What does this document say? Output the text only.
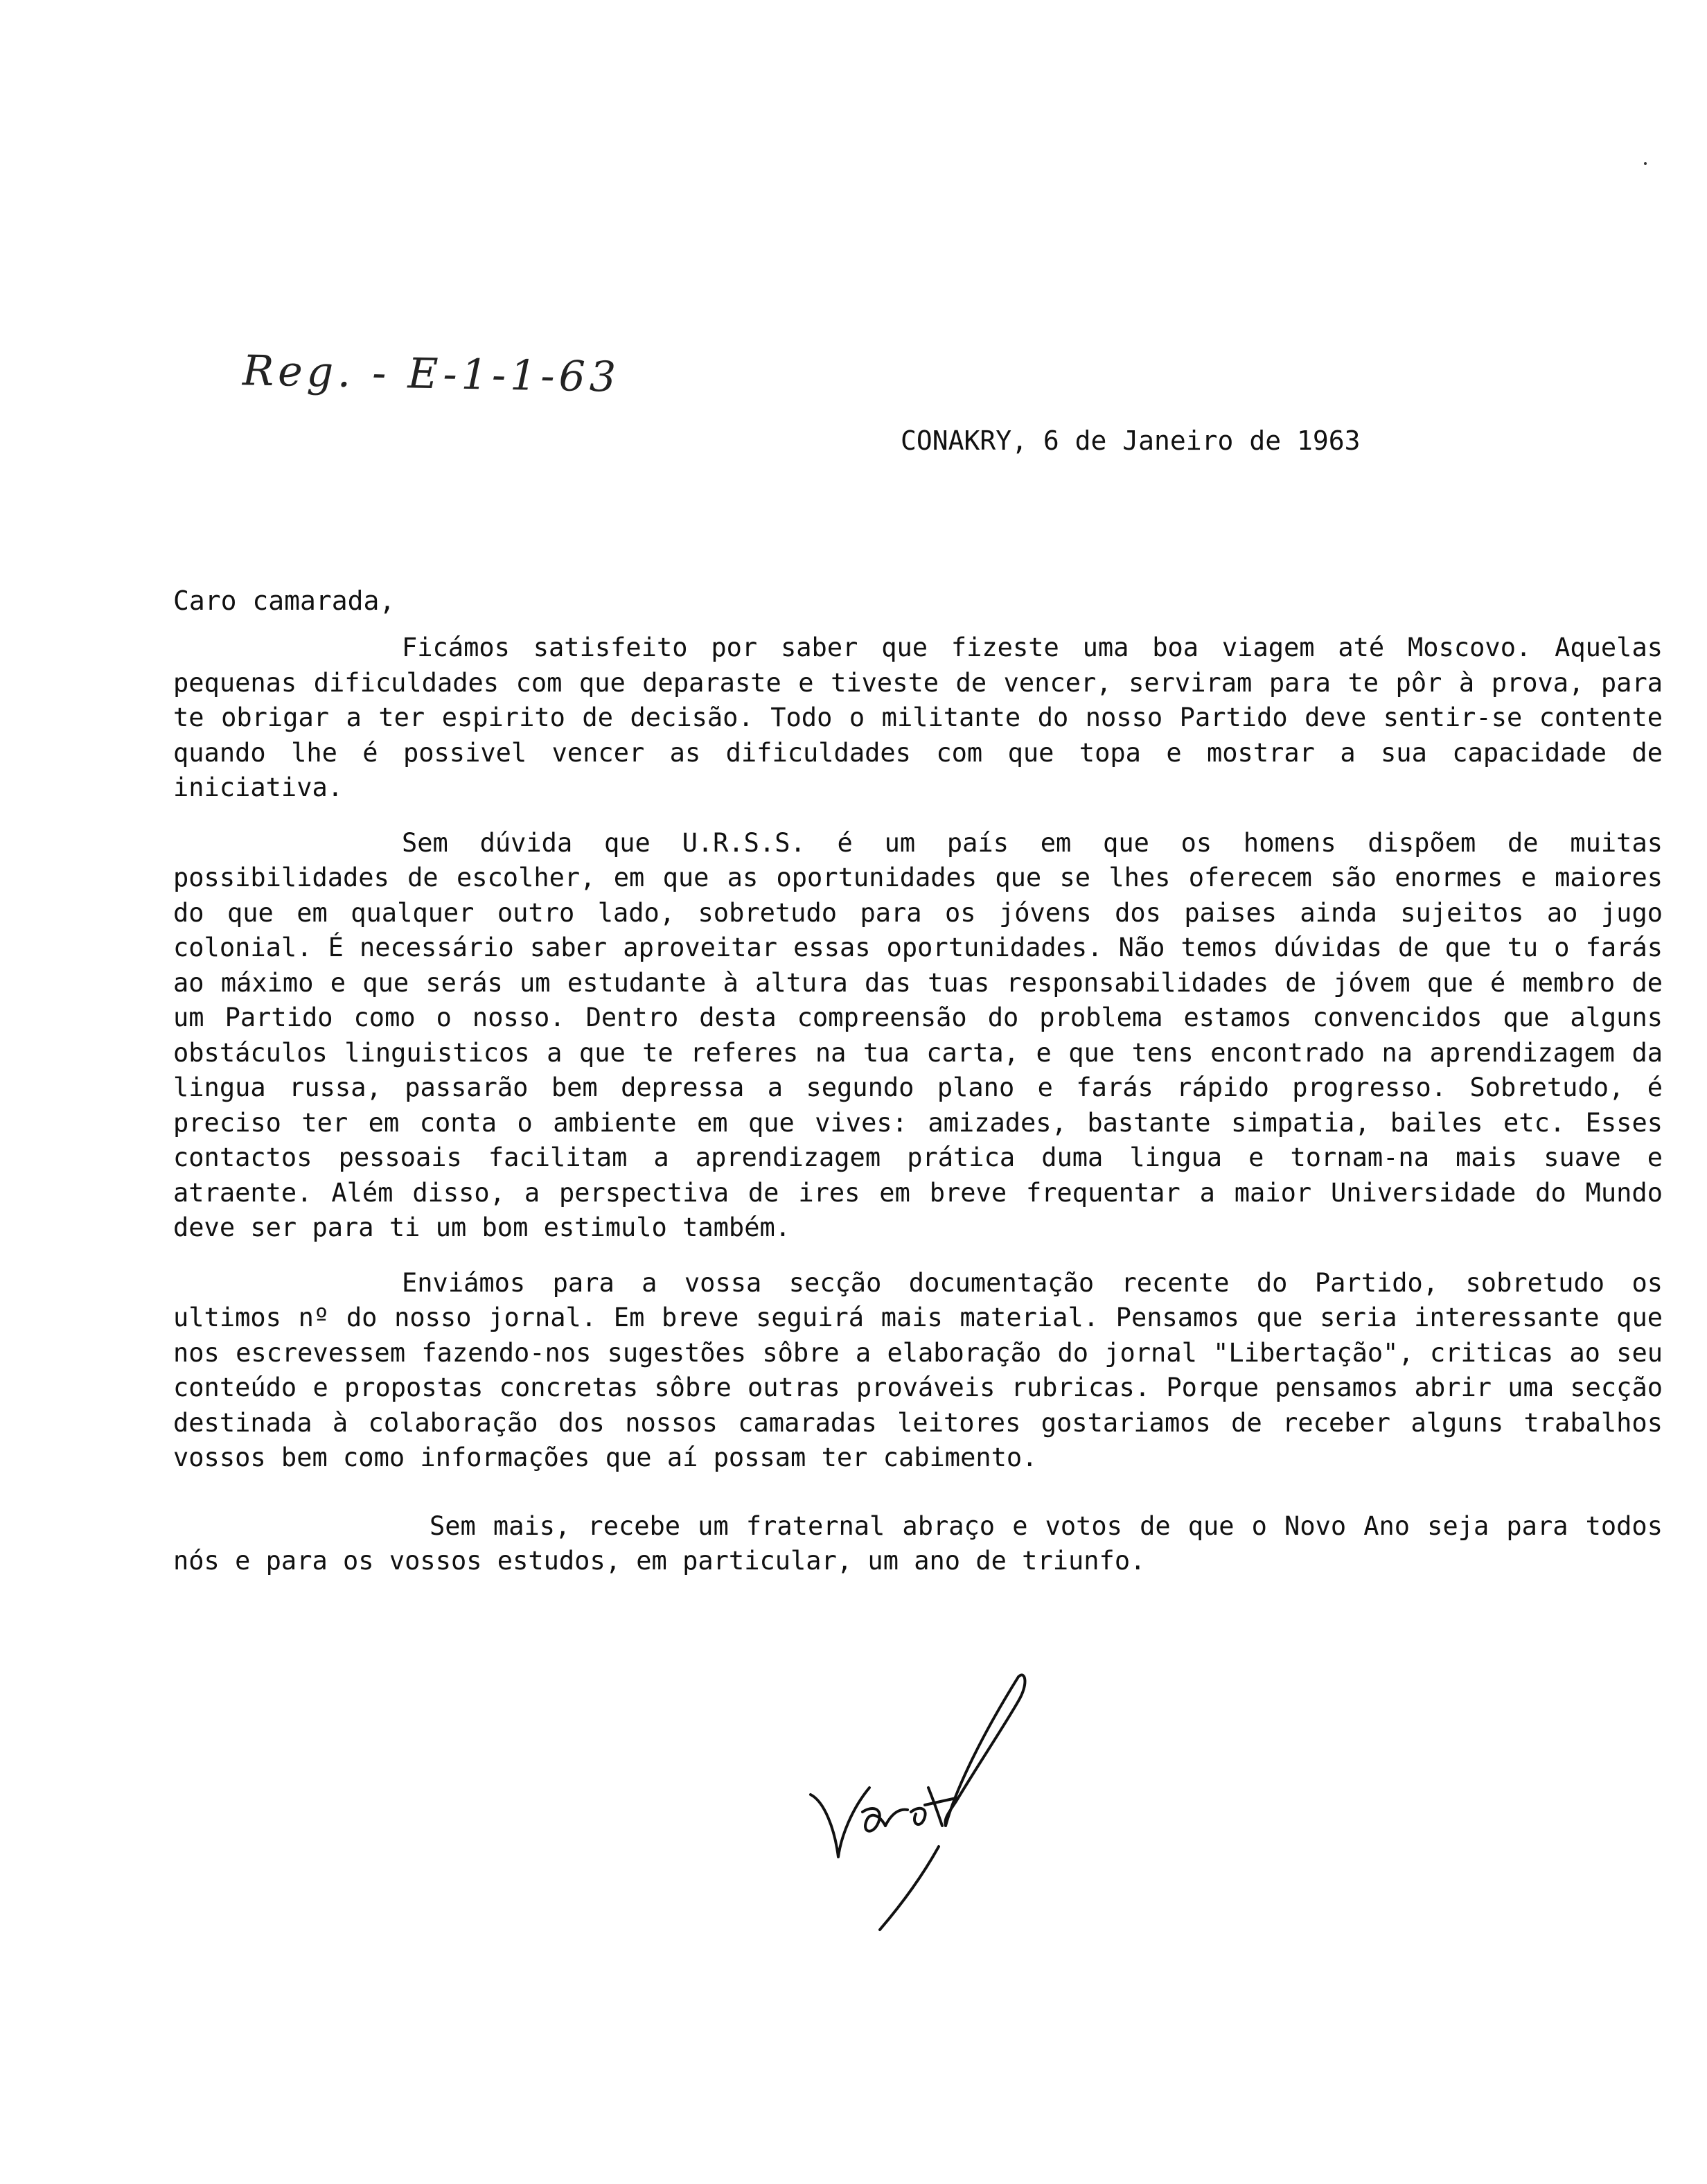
Reg. - E-1-1-63
CONAKRY, 6 de Janeiro de 1963
Caro camarada,

Ficámos satisfeito por saber que fizeste uma boa viagem até Moscovo. Aquelas pequenas dificuldades com que deparaste e tiveste de vencer, serviram para te pôr à prova, para te obrigar a ter espirito de decisão. Todo o militante do nosso Partido deve sentir-se contente quando lhe é possivel vencer as dificuldades com que topa e mostrar a sua capacidade de iniciativa.

Sem dúvida que U.R.S.S. é um país em que os homens dispõem de muitas possibilidades de escolher, em que as oportunidades que se lhes oferecem são enormes e maiores do que em qualquer outro lado, sobretudo para os jóvens dos paises ainda sujeitos ao jugo colonial. É necessário saber aproveitar essas oportunidades. Não temos dúvidas de que tu o farás ao máximo e que serás um estudante à altura das tuas responsabilidades de jóvem que é membro de um Partido como o nosso. Dentro desta compreensão do problema estamos convencidos que alguns obstáculos linguisticos a que te referes na tua carta, e que tens encontrado na aprendizagem da lingua russa, passarão bem depressa a segundo plano e farás rápido progresso. Sobretudo, é preciso ter em conta o ambiente em que vives: amizades, bastante simpatia, bailes etc. Esses contactos pessoais facilitam a aprendizagem prática duma lingua e tornam-na mais suave e atraente. Além disso, a perspectiva de ires em breve frequentar a maior Universidade do Mundo deve ser para ti um bom estimulo também.

Enviámos para a vossa secção documentação recente do Partido, sobretudo os ultimos nº do nosso jornal. Em breve seguirá mais material. Pensamos que seria interessante que nos escrevessem fazendo-nos sugestões sôbre a elaboração do jornal "Libertação", criticas ao seu conteúdo e propostas concretas sôbre outras prováveis rubricas. Porque pensamos abrir uma secção destinada à colaboração dos nossos camaradas leitores gostariamos de receber alguns trabalhos vossos bem como informações que aí possam ter cabimento.

Sem mais, recebe um fraternal abraço e votos de que o Novo Ano seja para todos nós e para os vossos estudos, em particular, um ano de triunfo.
